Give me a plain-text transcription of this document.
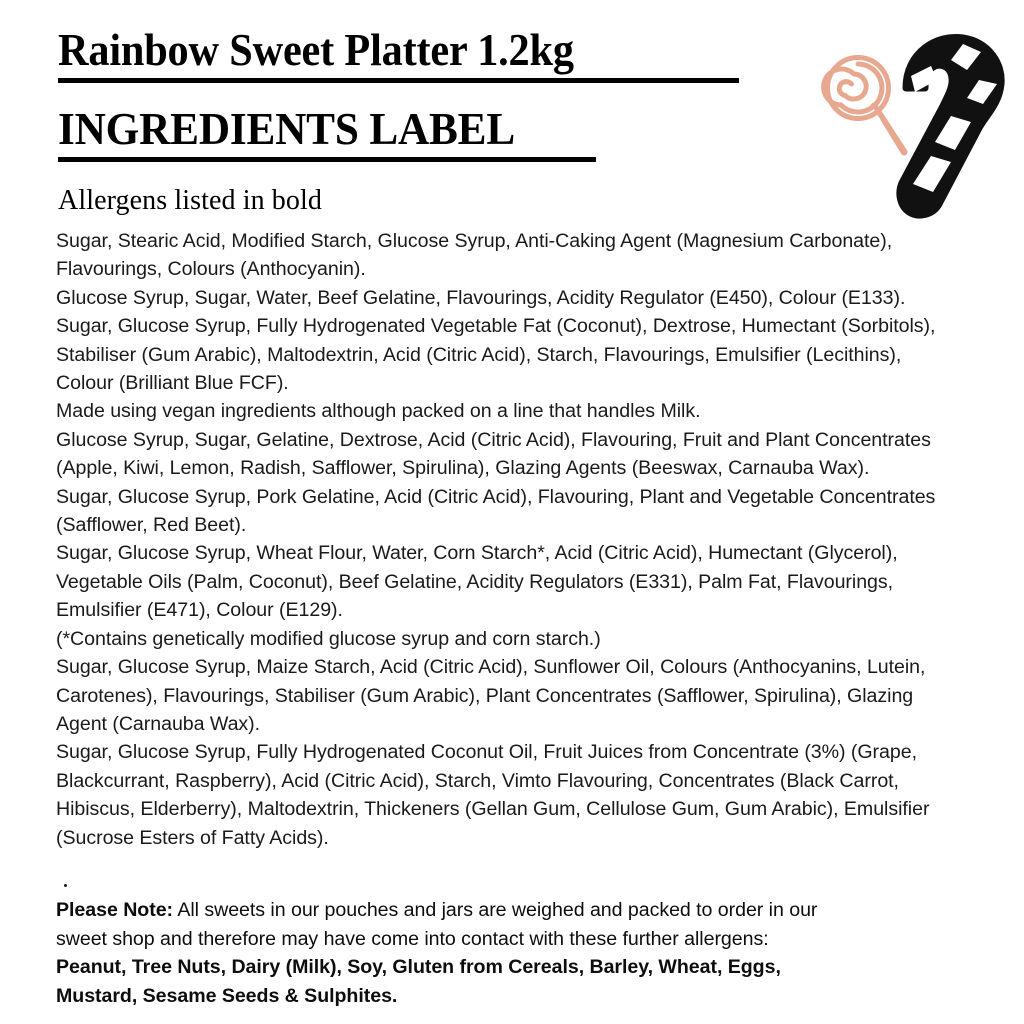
Rainbow Sweet Platter 1.2kg
INGREDIENTS LABEL
Allergens listed in bold
Sugar, Stearic Acid, Modified Starch, Glucose Syrup, Anti-Caking Agent (Magnesium Carbonate),
Flavourings, Colours (Anthocyanin).
Glucose Syrup, Sugar, Water, Beef Gelatine, Flavourings, Acidity Regulator (E450), Colour (E133).
Sugar, Glucose Syrup, Fully Hydrogenated Vegetable Fat (Coconut), Dextrose, Humectant (Sorbitols),
Stabiliser (Gum Arabic), Maltodextrin, Acid (Citric Acid), Starch, Flavourings, Emulsifier (Lecithins),
Colour (Brilliant Blue FCF).
Made using vegan ingredients although packed on a line that handles Milk.
Glucose Syrup, Sugar, Gelatine, Dextrose, Acid (Citric Acid), Flavouring, Fruit and Plant Concentrates
(Apple, Kiwi, Lemon, Radish, Safflower, Spirulina), Glazing Agents (Beeswax, Carnauba Wax).
Sugar, Glucose Syrup, Pork Gelatine, Acid (Citric Acid), Flavouring, Plant and Vegetable Concentrates
(Safflower, Red Beet).
Sugar, Glucose Syrup, Wheat Flour, Water, Corn Starch*, Acid (Citric Acid), Humectant (Glycerol),
Vegetable Oils (Palm, Coconut), Beef Gelatine, Acidity Regulators (E331), Palm Fat, Flavourings,
Emulsifier (E471), Colour (E129).
(*Contains genetically modified glucose syrup and corn starch.)
Sugar, Glucose Syrup, Maize Starch, Acid (Citric Acid), Sunflower Oil, Colours (Anthocyanins, Lutein,
Carotenes), Flavourings, Stabiliser (Gum Arabic), Plant Concentrates (Safflower, Spirulina), Glazing
Agent (Carnauba Wax).
Sugar, Glucose Syrup, Fully Hydrogenated Coconut Oil, Fruit Juices from Concentrate (3%) (Grape,
Blackcurrant, Raspberry), Acid (Citric Acid), Starch, Vimto Flavouring, Concentrates (Black Carrot,
Hibiscus, Elderberry), Maltodextrin, Thickeners (Gellan Gum, Cellulose Gum, Gum Arabic), Emulsifier
(Sucrose Esters of Fatty Acids).
Please Note: All sweets in our pouches and jars are weighed and packed to order in our
sweet shop and therefore may have come into contact with these further allergens:
Peanut, Tree Nuts, Dairy (Milk), Soy, Gluten from Cereals, Barley, Wheat, Eggs,
Mustard, Sesame Seeds & Sulphites.
